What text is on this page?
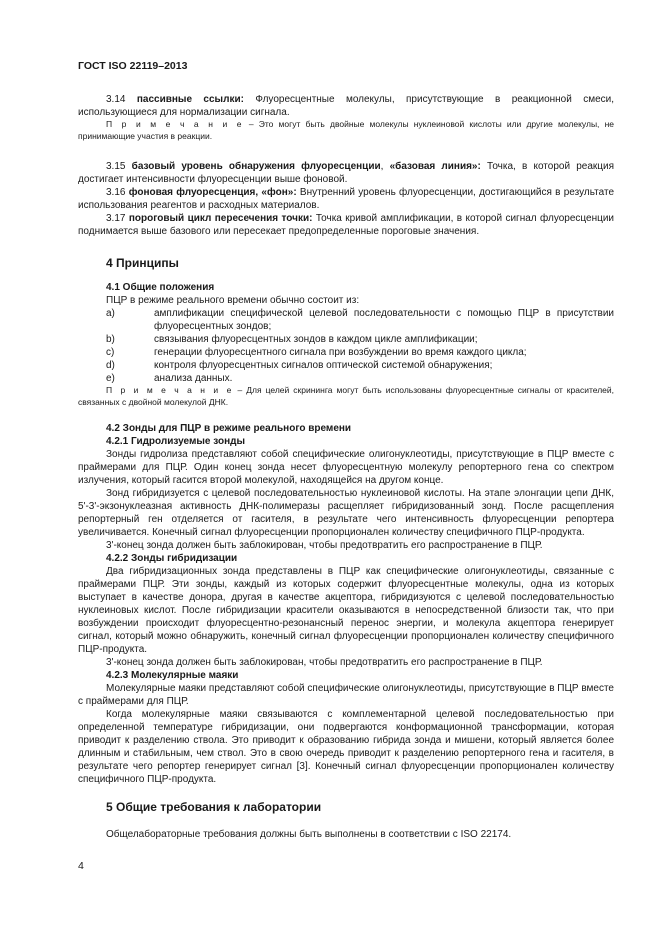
ГОСТ ISO 22119–2013

3.14 пассивные ссылки: Флуоресцентные молекулы, присутствующие в реакционной смеси, использующиеся для нормализации сигнала.

П р и м е ч а н и е – Это могут быть двойные молекулы нуклеиновой кислоты или другие молекулы, не принимающие участия в реакции.

3.15 базовый уровень обнаружения флуоресценции, «базовая линия»: Точка, в которой реакция достигает интенсивности флуоресценции выше фоновой.

3.16 фоновая флуоресценция, «фон»: Внутренний уровень флуоресценции, достигающийся в результате использования реагентов и расходных материалов.

3.17 пороговый цикл пересечения точки: Точка кривой амплификации, в которой сигнал флуоресценции поднимается выше базового или пересекает предопределенные пороговые значения.

4 Принципы
4.1 Общие положения

ПЦР в режиме реального времени обычно состоит из:

a)	амплификации специфической целевой последовательности с помощью ПЦР в присутствии флуоресцентных зондов;
b)	связывания флуоресцентных зондов в каждом цикле амплификации;
c)	генерации флуоресцентного сигнала при возбуждении во время каждого цикла;
d)	контроля флуоресцентных сигналов оптической системой обнаружения;
e)	анализа данных.

П р и м е ч а н и е – Для целей скрининга могут быть использованы флуоресцентные сигналы от красителей, связанных с двойной молекулой ДНК.

4.2 Зонды для ПЦР в режиме реального времени
4.2.1 Гидролизуемые зонды

Зонды гидролиза представляют собой специфические олигонуклеотиды, присутствующие в ПЦР вместе с праймерами для ПЦР. Один конец зонда несет флуоресцентную молекулу репортерного гена со спектром излучения, который гасится второй молекулой, находящейся на другом конце.

Зонд гибридизуется с целевой последовательностью нуклеиновой кислоты. На этапе элонгации цепи ДНК, 5'-3'-экзонуклеазная активность ДНК-полимеразы расщепляет гибридизованный зонд. После расщепления репортерный ген отделяется от гасителя, в результате чего интенсивность флуоресценции репортера увеличивается. Конечный сигнал флуоресценции пропорционален количеству специфичного ПЦР-продукта.

3'-конец зонда должен быть заблокирован, чтобы предотвратить его распространение в ПЦР.

4.2.2 Зонды гибридизации

Два гибридизационных зонда представлены в ПЦР как специфические олигонуклеотиды, связанные с праймерами ПЦР. Эти зонды, каждый из которых содержит флуоресцентные молекулы, одна из которых выступает в качестве донора, другая в качестве акцептора, гибридизуются с целевой последовательностью нуклеиновых кислот. После гибридизации красители оказываются в непосредственной близости так, что при возбуждении происходит флуоресцентно-резонансный перенос энергии, и молекула акцептора генерирует сигнал, который можно обнаружить, конечный сигнал флуоресценции пропорционален количеству специфичного ПЦР-продукта.

3'-конец зонда должен быть заблокирован, чтобы предотвратить его распространение в ПЦР.

4.2.3 Молекулярные маяки

Молекулярные маяки представляют собой специфические олигонуклеотиды, присутствующие в ПЦР вместе с праймерами для ПЦР.

Когда молекулярные маяки связываются с комплементарной целевой последовательностью при определенной температуре гибридизации, они подвергаются конформационной трансформации, которая приводит к разделению ствола. Это приводит к образованию гибрида зонда и мишени, который является более длинным и стабильным, чем ствол. Это в свою очередь приводит к разделению репортерного гена и гасителя, в результате чего репортер генерирует сигнал [3]. Конечный сигнал флуоресценции пропорционален количеству специфичного ПЦР-продукта.

5 Общие требования к лаборатории

Общелабораторные требования должны быть выполнены в соответствии с ISO 22174.

4
